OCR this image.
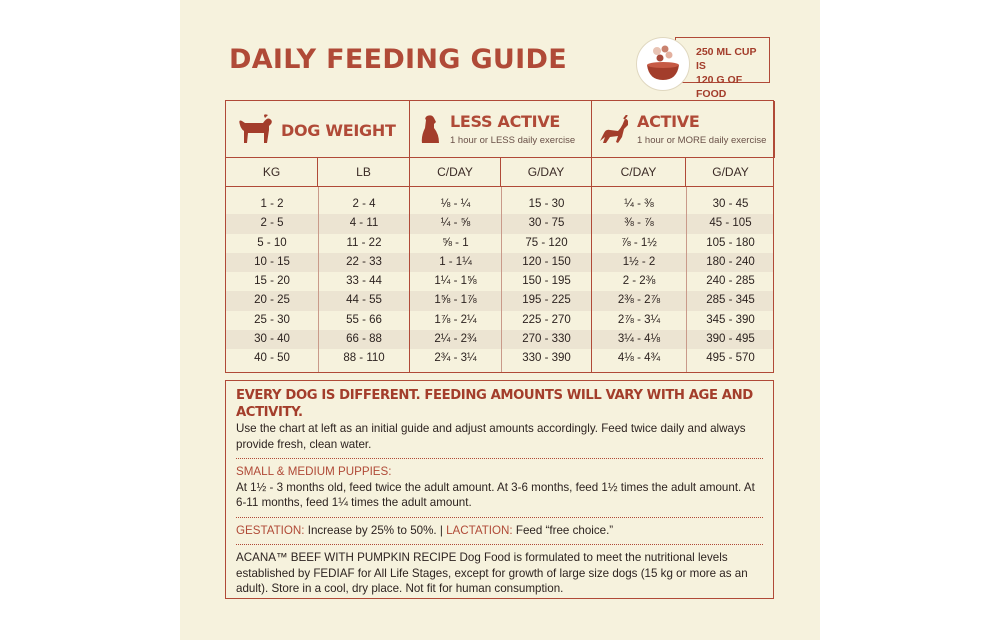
DAILY FEEDING GUIDE	250 ML CUP IS
120 G OF FOOD
DOG WEIGHT	LESS ACTIVE
1 hour or LESS daily exercise
ACTIVE
1 hour or MORE daily exercise
KG	LB	C/DAY	G/DAY	C/DAY	G/DAY
1 - 2	2 - 4	⅛ - ¼	15 - 30	¼ - ⅜	30 - 45
2 - 5	4 - 11	¼ - ⅝	30 - 75	⅜ - ⅞	45 - 105
5 - 10	11 - 22	⅝ - 1	75 - 120	⅞ - 1½	105 - 180
10 - 15	22 - 33	1 - 1¼	120 - 150	1½ - 2	180 - 240
15 - 20	33 - 44	1¼ - 1⅝	150 - 195	2 - 2⅜	240 - 285
20 - 25	44 - 55	1⅝ - 1⅞	195 - 225	2⅜ - 2⅞	285 - 345
25 - 30	55 - 66	1⅞ - 2¼	225 - 270	2⅞ - 3¼	345 - 390
30 - 40	66 - 88	2¼ - 2¾	270 - 330	3¼ - 4⅛	390 - 495
40 - 50	88 - 110	2¾ - 3¼	330 - 390	4⅛ - 4¾	495 - 570
EVERY DOG IS DIFFERENT. FEEDING AMOUNTS WILL VARY WITH AGE AND ACTIVITY.

Use the chart at left as an initial guide and adjust amounts accordingly. Feed twice daily and always provide fresh, clean water.

SMALL & MEDIUM PUPPIES:

At 1½ - 3 months old, feed twice the adult amount. At 3-6 months, feed 1½ times the adult amount. At 6-11 months, feed 1¼ times the adult amount.

GESTATION: Increase by 25% to 50%. | LACTATION: Feed “free choice.”

ACANA™ BEEF WITH PUMPKIN RECIPE Dog Food is formulated to meet the nutritional levels established by FEDIAF for All Life Stages, except for growth of large size dogs (15 kg or more as an adult). Store in a cool, dry place. Not fit for human consumption.
